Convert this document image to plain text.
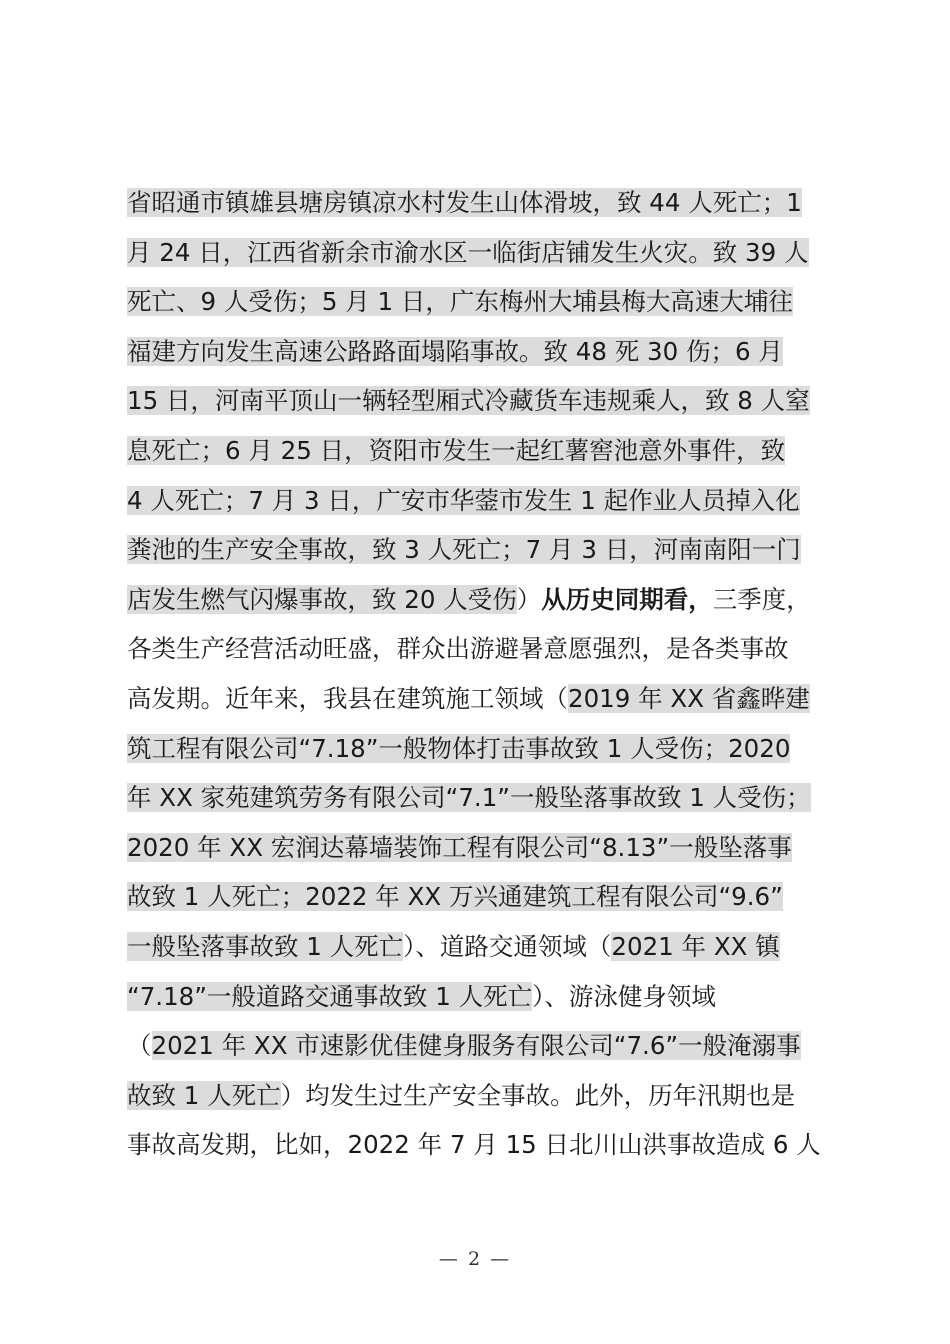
省昭通市镇雄县塘房镇凉水村发生山体滑坡，致 44 人死亡；1
月 24 日，江西省新余市渝水区一临街店铺发生火灾。致 39 人
死亡、9 人受伤；5 月 1 日，广东梅州大埔县梅大高速大埔往
福建方向发生高速公路路面塌陷事故。致 48 死 30 伤；6 月
15 日，河南平顶山一辆轻型厢式冷藏货车违规乘人，致 8 人窒
息死亡；6 月 25 日，资阳市发生一起红薯窖池意外事件，致
4 人死亡；7 月 3 日，广安市华蓥市发生 1 起作业人员掉入化
粪池的生产安全事故，致 3 人死亡；7 月 3 日，河南南阳一门
店发生燃气闪爆事故，致 20 人受伤）从历史同期看，三季度，
各类生产经营活动旺盛，群众出游避暑意愿强烈，是各类事故
高发期。近年来，我县在建筑施工领域（2019 年 XX 省鑫晔建
筑工程有限公司“7.18”一般物体打击事故致 1 人受伤；2020
年 XX 家苑建筑劳务有限公司“7.1”一般坠落事故致 1 人受伤；
2020 年 XX 宏润达幕墙装饰工程有限公司“8.13”一般坠落事
故致 1 人死亡；2022 年 XX 万兴通建筑工程有限公司“9.6”
一般坠落事故致 1 人死亡）、道路交通领域（2021 年 XX 镇
“7.18”一般道路交通事故致 1 人死亡）、游泳健身领域
（2021 年 XX 市速影优佳健身服务有限公司“7.6”一般淹溺事
故致 1 人死亡）均发生过生产安全事故。此外，历年汛期也是
事故高发期，比如，2022 年 7 月 15 日北川山洪事故造成 6 人
— 2 —
